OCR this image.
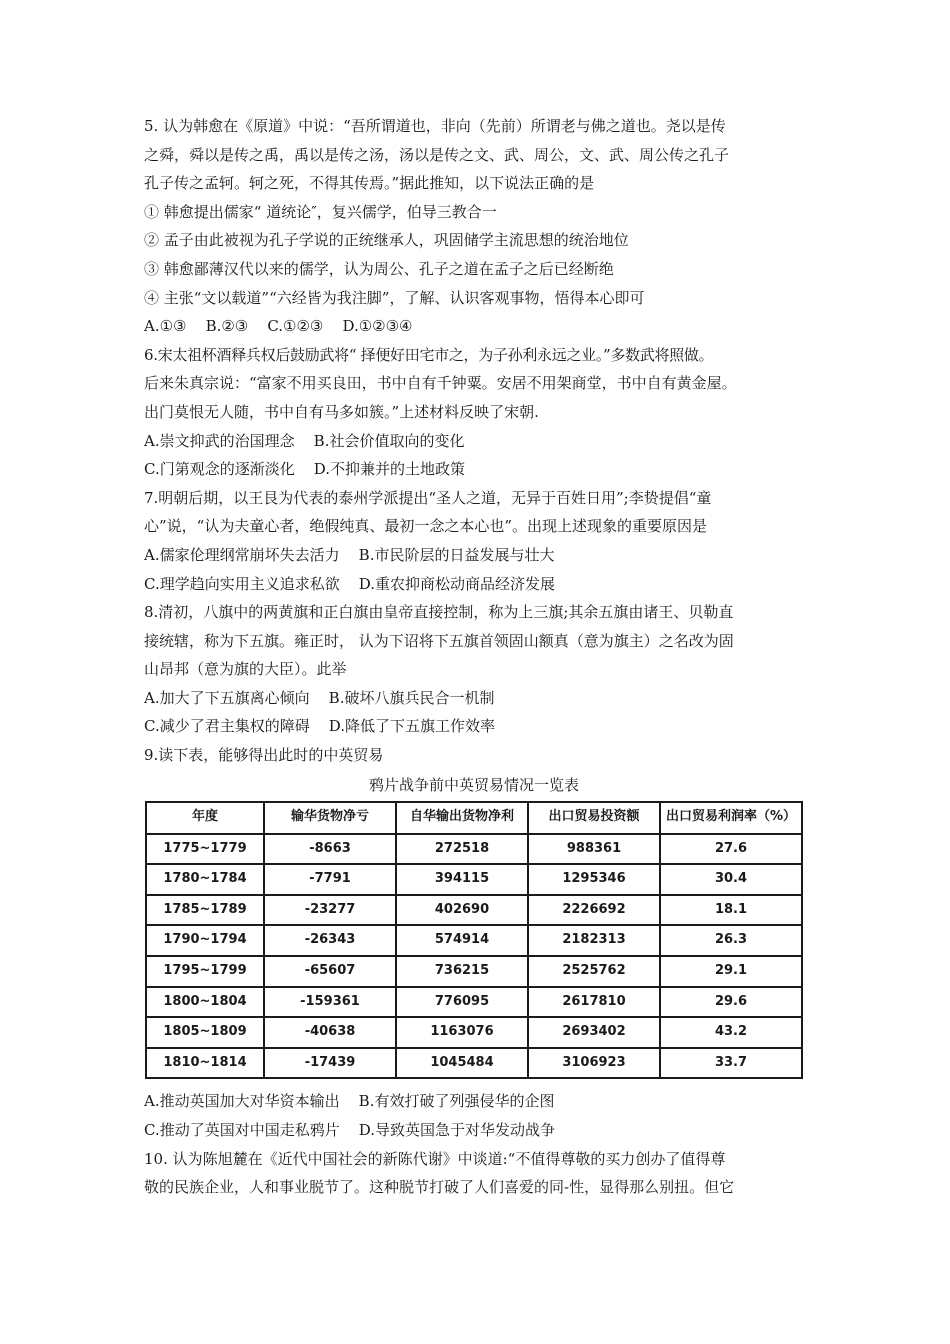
5. 认为韩愈在《原道》中说：“吾所谓道也，非向（先前）所谓老与佛之道也。尧以是传
之舜，舜以是传之禹，禹以是传之汤，汤以是传之文、武、周公，文、武、周公传之孔子
孔子传之孟轲。轲之死，不得其传焉。”据此推知，以下说法正确的是
① 韩愈提出儒家“ 道统论″，复兴儒学，伯导三教合一
② 孟子由此被视为孔子学说的正统继承人，巩固储学主流思想的统治地位
③ 韩愈鄙薄汉代以来的儒学，认为周公、孔子之道在孟子之后已经断绝
④ 主张“文以载道”“六经皆为我注脚”，了解、认识客观事物，悟得本心即可
A.①③    B.②③    C.①②③    D.①②③④
6.宋太祖杯酒释兵权后鼓励武将“ 择便好田宅市之，为子孙利永远之业。”多数武将照做。
后来朱真宗说：“富家不用买良田，书中自有千钟粟。安居不用架商堂，书中自有黄金屋。
出门莫恨无人随，书中自有马多如簇。”上述材料反映了宋朝.
A.崇文抑武的治国理念    B.社会价值取向的变化
C.门第观念的逐渐淡化    D.不抑兼并的土地政策
7.明朝后期，以王艮为代表的泰州学派提出“圣人之道，无异于百姓日用”;李贽提倡“童
心”说，“认为夫童心者，绝假纯真、最初一念之本心也”。出现上述现象的重要原因是
A.儒家伦理纲常崩坏失去活力    B.市民阶层的日益发展与壮大
C.理学趋向实用主义追求私欲    D.重农抑商松动商品经济发展
8.清初，八旗中的两黄旗和正白旗由皇帝直接控制，称为上三旗;其余五旗由诸王、贝勒直
接统辖，称为下五旗。雍正时， 认为下诏将下五旗首领固山额真（意为旗主）之名改为固
山昂邦（意为旗的大臣）。此举
A.加大了下五旗离心倾向    B.破坏八旗兵民合一机制
C.减少了君主集权的障碍    D.降低了下五旗工作效率
9.读下表，能够得出此时的中英贸易
鸦片战争前中英贸易情况一览表
年度	输华货物净亏	自华输出货物净利	出口贸易投资额	出口贸易利润率（%）
1775~1779	-8663	272518	988361	27.6
1780~1784	-7791	394115	1295346	30.4
1785~1789	-23277	402690	2226692	18.1
1790~1794	-26343	574914	2182313	26.3
1795~1799	-65607	736215	2525762	29.1
1800~1804	-159361	776095	2617810	29.6
1805~1809	-40638	1163076	2693402	43.2
1810~1814	-17439	1045484	3106923	33.7
A.推动英国加大对华资本输出    B.有效打破了列强侵华的企图
C.推动了英国对中国走私鸦片    D.导致英国急于对华发动战争
10. 认为陈旭麓在《近代中国社会的新陈代谢》中谈道:“不值得尊敬的买力创办了值得尊
敬的民族企业，人和事业脱节了。这种脱节打破了人们喜爱的同-性，显得那么别扭。但它
